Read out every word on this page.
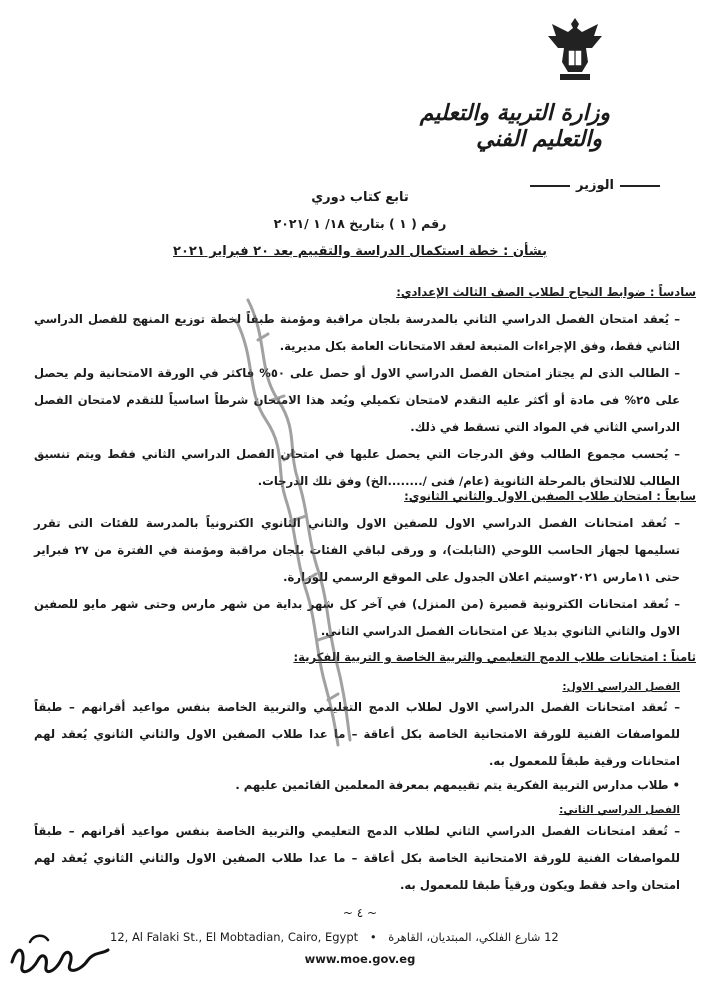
وزارة التربية والتعليم
والتعليم الفني
الوزير
تابع كتاب دوري
رقم ( ١ ) بتاريخ ١٨/ ١ /٢٠٢١
بشأن : خطة استكمال الدراسة والتقييم بعد ٢٠ فبراير ٢٠٢١
سادساً : ضوابط النجاح لطلاب الصف الثالث الإعدادي:
– يُعقد امتحان الفصل الدراسي الثاني بالمدرسة بلجان مراقبة ومؤمنة طبقاً لخطة توزيع المنهج للفصل الدراسي الثاني فقط، وفق الإجراءات المتبعة لعقد الامتحانات العامة بكل مديرية.
– الطالب الذى لم يجتاز امتحان الفصل الدراسي الاول أو حصل على ٥٠% فاكثر في الورقة الامتحانية ولم يحصل على ٢٥% فى مادة أو أكثر عليه التقدم لامتحان تكميلي ويُعد هذا الامتحان شرطاً اساسياً للتقدم لامتحان الفصل الدراسي الثاني في المواد التي تسقط في ذلك.
– يُحسب مجموع الطالب وفق الدرجات التي يحصل عليها في امتحان الفصل الدراسي الثاني فقط ويتم تنسيق الطالب للالتحاق بالمرحلة الثانوية (عام/ فنى /........الخ) وفق تلك الدرجات.
سابعاً : امتحان طلاب الصفين الاول والثاني الثانوي:
– تُعقد امتحانات الفصل الدراسي الاول للصفين الاول والثاني الثانوي الكترونياً بالمدرسة للفئات التى تقرر تسليمها لجهاز الحاسب اللوحي (التابلت)، و ورقى لباقي الفئات بلجان مراقبة ومؤمنة في الفترة من ٢٧ فبراير حتى ١١مارس ٢٠٢١وسيتم اعلان الجدول على الموقع الرسمي للوزارة.
– تُعقد امتحانات الكترونية قصيرة (من المنزل) في آخر كل شهر بداية من شهر مارس وحتى شهر مايو للصفين الاول والثاني الثانوي بديلا عن امتحانات الفصل الدراسي الثاني.
ثامناً : امتحانات طلاب الدمج التعليمي والتربية الخاصة و التربية الفكرية:
الفصل الدراسي الاول:
– تُعقد امتحانات الفصل الدراسي الاول لطلاب الدمج التعليمي والتربية الخاصة بنفس مواعيد أقرانهم – طبقاً للمواصفات الفنية للورقة الامتحانية الخاصة بكل أعاقة – ما عدا طلاب الصفين الاول والثاني الثانوي يُعقد لهم امتحانات ورقية طبقاً للمعمول به.
• طلاب مدارس التربية الفكرية يتم تقييمهم بمعرفة المعلمين القائمين عليهم .
الفصل الدراسي الثاني:
– تُعقد امتحانات الفصل الدراسي الثاني لطلاب الدمج التعليمي والتربية الخاصة بنفس مواعيد أقرانهم – طبقاً للمواصفات الفنية للورقة الامتحانية الخاصة بكل أعاقة – ما عدا طلاب الصفين الاول والثاني الثانوي يُعقد لهم امتحان واحد فقط ويكون ورقياً طبقا للمعمول به.
~ ٤ ~
12, Al Falaki St., El Mobtadian, Cairo, Egypt • 12 شارع الفلكي، المبتديان، القاهرة
www.moe.gov.eg
